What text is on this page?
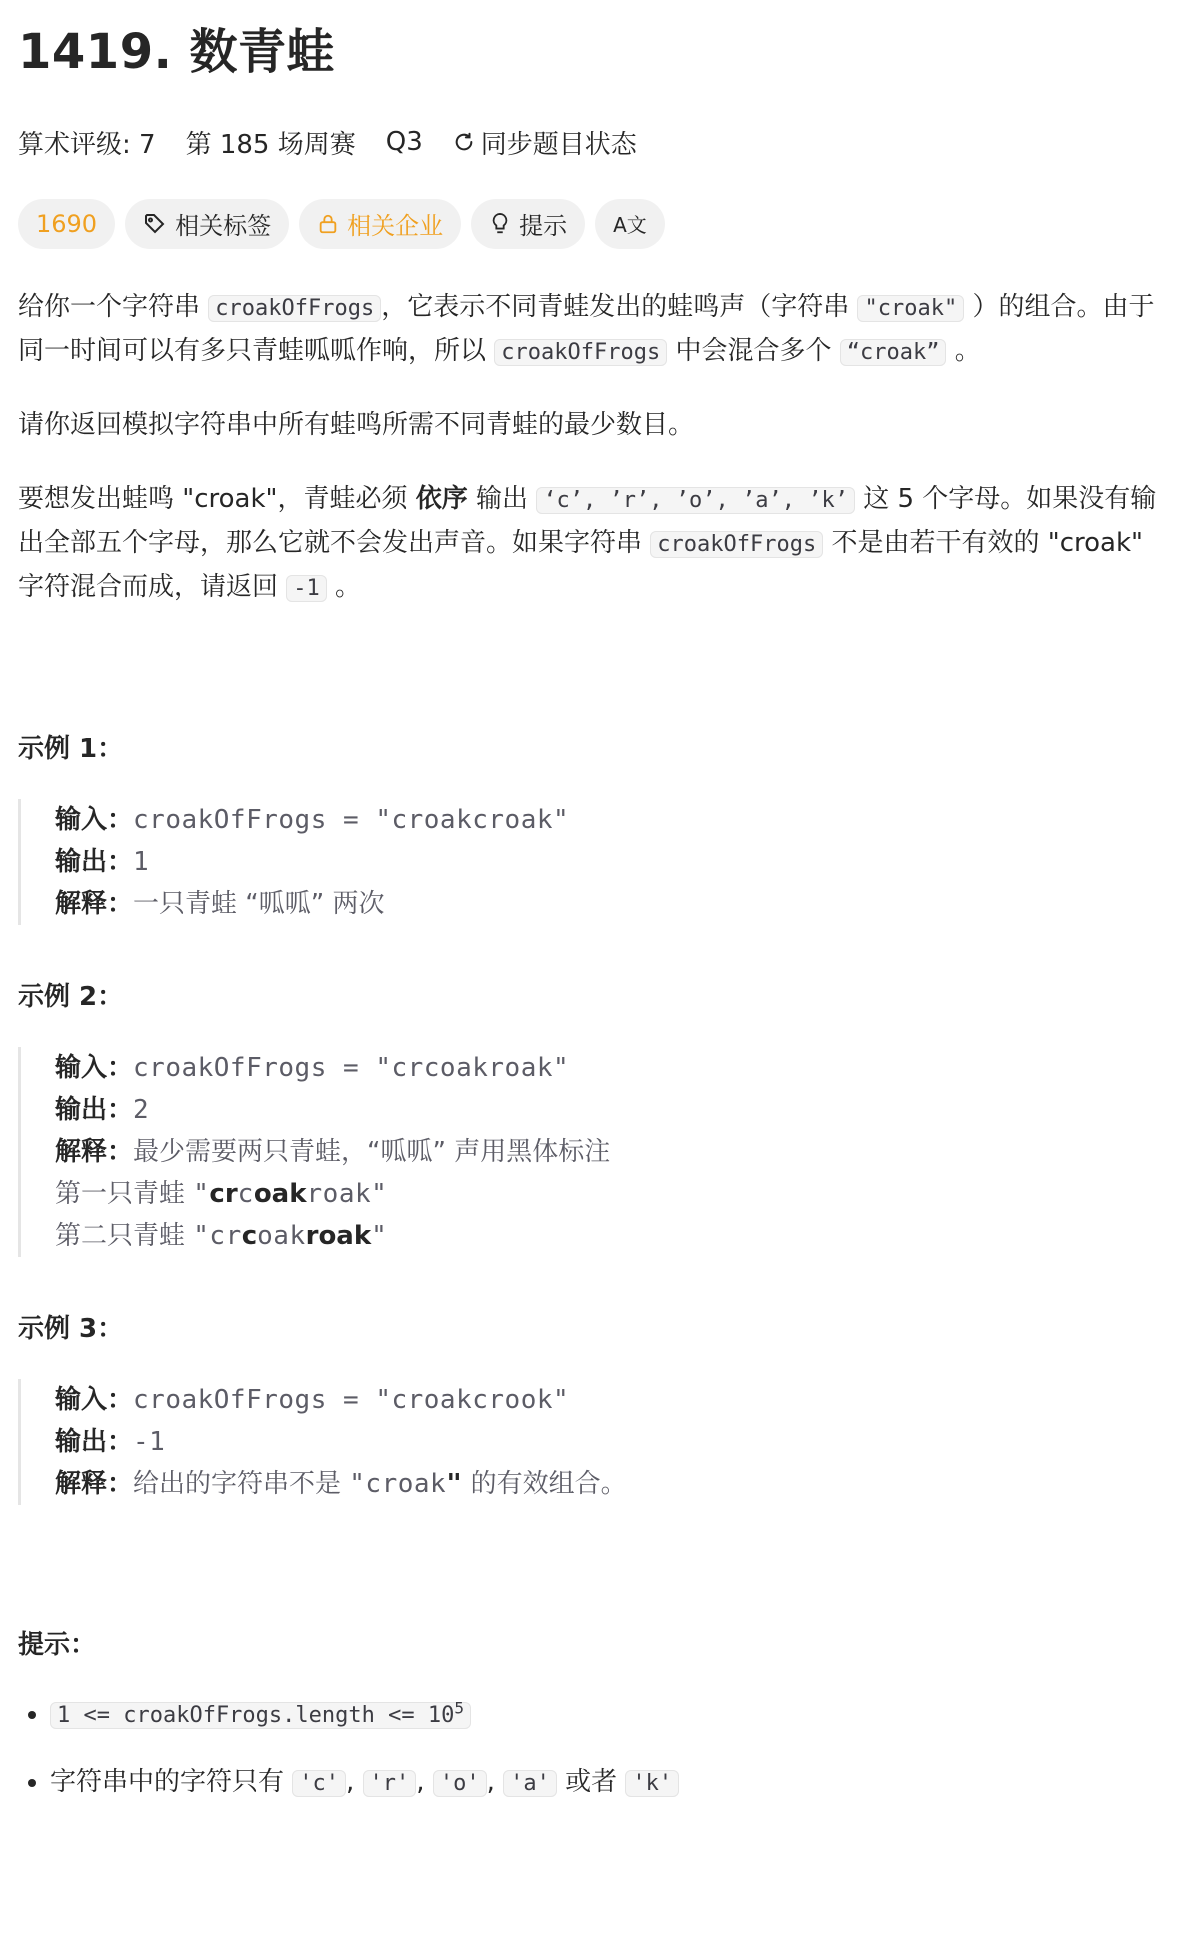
1419. 数青蛙
算术评级: 7 第 185 场周赛 Q3 同步题目状态
1690	相关标签	相关企业	提示 A文

给你一个字符串 croakOfFrogs ，它表示不同青蛙发出的蛙鸣声（字符串 "croak" ）的组合。由于同一时间可以有多只青蛙呱呱作响，所以 croakOfFrogs 中会混合多个 “croak” 。

请你返回模拟字符串中所有蛙鸣所需不同青蛙的最少数目。

要想发出蛙鸣 "croak"，青蛙必须 依序 输出 ‘c’, ’r’, ’o’, ’a’, ’k’ 这 5 个字母。如果没有输出全部五个字母，那么它就不会发出声音。如果字符串 croakOfFrogs 不是由若干有效的 "croak" 字符混合而成，请返回 -1 。

示例 1：
输入：croakOfFrogs = "croakcroak"
输出：1
解释：一只青蛙 “呱呱” 两次
示例 2：
输入：croakOfFrogs = "crcoakroak"
输出：2
解释：最少需要两只青蛙，“呱呱” 声用黑体标注
第一只青蛙 "crcoakroak"
第二只青蛙 "crcoakroak"
示例 3：
输入：croakOfFrogs = "croakcrook"
输出：-1
解释：给出的字符串不是 "croak" 的有效组合。
提示：
• 1 <= croakOfFrogs.length <= $10^5$
• 字符串中的字符只有 'c' , 'r' , 'o' , 'a' 或者 'k'
